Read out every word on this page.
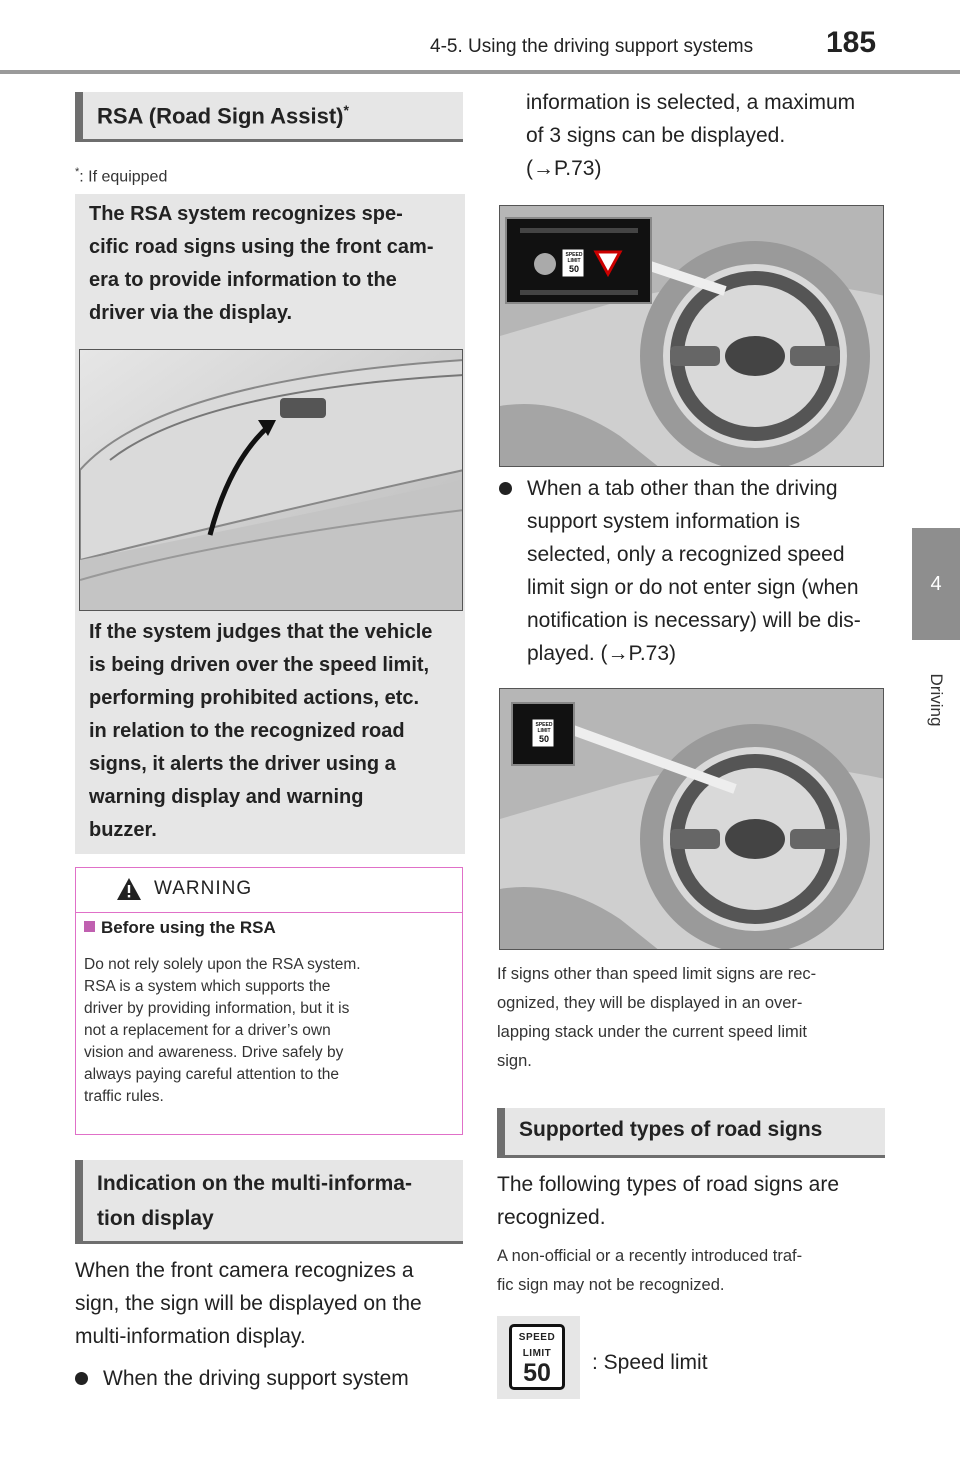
4-5. Using the driving support systems 185
4
Driving
RSA (Road Sign Assist)*
*: If equipped
The RSA system recognizes spe-
cific road signs using the front cam-
era to provide information to the
driver via the display.
If the system judges that the vehicle
is being driven over the speed limit,
performing prohibited actions, etc.
in relation to the recognized road
signs, it alerts the driver using a
warning display and warning
buzzer.
WARNING
Before using the RSA
Do not rely solely upon the RSA system.
RSA is a system which supports the
driver by providing information, but it is
not a replacement for a driver’s own
vision and awareness. Drive safely by
always paying careful attention to the
traffic rules.
Indication on the multi-informa-
tion display
When the front camera recognizes a
sign, the sign will be displayed on the
multi-information display.
When the driving support system
information is selected, a maximum
of 3 signs can be displayed.
(→P.73)
SPEED
LIMIT
50
When a tab other than the driving
support system information is
selected, only a recognized speed
limit sign or do not enter sign (when
notification is necessary) will be dis-
played. (→P.73)
SPEED
LIMIT
50
If signs other than speed limit signs are rec-
ognized, they will be displayed in an over-
lapping stack under the current speed limit
sign.
Supported types of road signs
The following types of road signs are
recognized.
A non-official or a recently introduced traf-
fic sign may not be recognized.
SPEED
LIMIT
50	: Speed limit
